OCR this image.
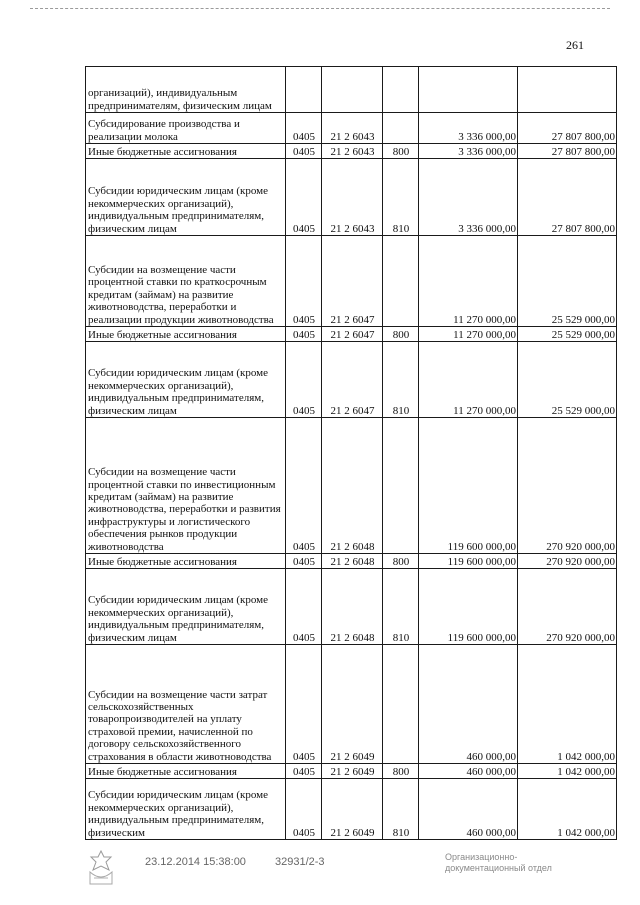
261
организаций), индивидуальным предпринимателям, физическим лицам					
Субсидирование производства и реализации молока	0405	21 2 6043		3 336 000,00	27 807 800,00
Иные бюджетные ассигнования	0405	21 2 6043	800	3 336 000,00	27 807 800,00
Субсидии юридическим лицам (кроме некоммерческих организаций), индивидуальным предпринимателям, физическим лицам	0405	21 2 6043	810	3 336 000,00	27 807 800,00
Субсидии на возмещение части процентной ставки по краткосрочным кредитам (займам) на развитие животноводства, переработки и реализации продукции животноводства	0405	21 2 6047		11 270 000,00	25 529 000,00
Иные бюджетные ассигнования	0405	21 2 6047	800	11 270 000,00	25 529 000,00
Субсидии юридическим лицам (кроме некоммерческих организаций), индивидуальным предпринимателям, физическим лицам	0405	21 2 6047	810	11 270 000,00	25 529 000,00
Субсидии на возмещение части процентной ставки по инвестиционным кредитам (займам) на развитие животноводства, переработки и развития инфраструктуры и логистического обеспечения рынков продукции животноводства	0405	21 2 6048		119 600 000,00	270 920 000,00
Иные бюджетные ассигнования	0405	21 2 6048	800	119 600 000,00	270 920 000,00
Субсидии юридическим лицам (кроме некоммерческих организаций), индивидуальным предпринимателям, физическим лицам	0405	21 2 6048	810	119 600 000,00	270 920 000,00
Субсидии на возмещение части затрат сельскохозяйственных товаропроизводителей на уплату страховой премии, начисленной по договору сельскохозяйственного страхования в области животноводства	0405	21 2 6049		460 000,00	1 042 000,00
Иные бюджетные ассигнования	0405	21 2 6049	800	460 000,00	1 042 000,00
Субсидии юридическим лицам (кроме некоммерческих организаций), индивидуальным предпринимателям, физическим	0405	21 2 6049	810	460 000,00	1 042 000,00
23.12.2014 15:38:00	32931/2-3	Организационно-
документационный отдел
